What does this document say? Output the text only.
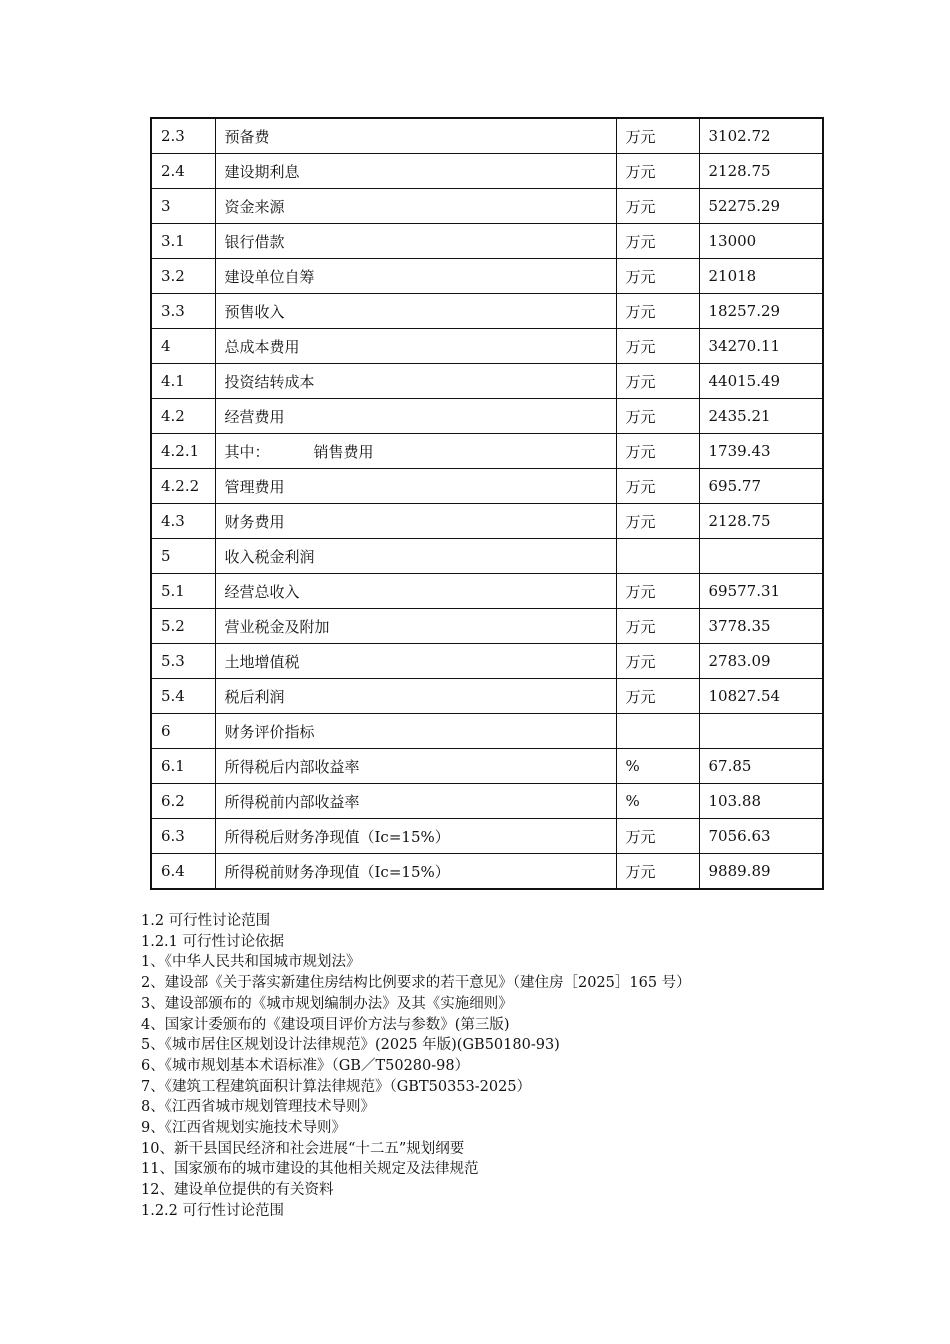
2.3	预备费	万元	3102.72
2.4	建设期利息	万元	2128.75
3	资金来源	万元	52275.29
3.1	银行借款	万元	13000
3.2	建设单位自筹	万元	21018
3.3	预售收入	万元	18257.29
4	总成本费用	万元	34270.11
4.1	投资结转成本	万元	44015.49
4.2	经营费用	万元	2435.21
4.2.1	其中： 销售费用	万元	1739.43
4.2.2	管理费用	万元	695.77
4.3	财务费用	万元	2128.75
5	收入税金利润		
5.1	经营总收入	万元	69577.31
5.2	营业税金及附加	万元	3778.35
5.3	土地增值税	万元	2783.09
5.4	税后利润	万元	10827.54
6	财务评价指标		
6.1	所得税后内部收益率	%	67.85
6.2	所得税前内部收益率	%	103.88
6.3	所得税后财务净现值（Ic=15%）	万元	7056.63
6.4	所得税前财务净现值（Ic=15%）	万元	9889.89
1.2 可行性讨论范围
1.2.1 可行性讨论依据
1、《中华人民共和国城市规划法》
2、建设部《关于落实新建住房结构比例要求的若干意见》（建住房［2025］165 号）
3、建设部颁布的《城市规划编制办法》及其《实施细则》
4、国家计委颁布的《建设项目评价方法与参数》(第三版)
5、《城市居住区规划设计法律规范》(2025 年版)(GB50180-93)
6、《城市规划基本术语标准》（GB／T50280-98）
7、《建筑工程建筑面积计算法律规范》（GBT50353-2025）
8、《江西省城市规划管理技术导则》
9、《江西省规划实施技术导则》
10、新干县国民经济和社会进展“十二五”规划纲要
11、国家颁布的城市建设的其他相关规定及法律规范
12、建设单位提供的有关资料
1.2.2 可行性讨论范围
